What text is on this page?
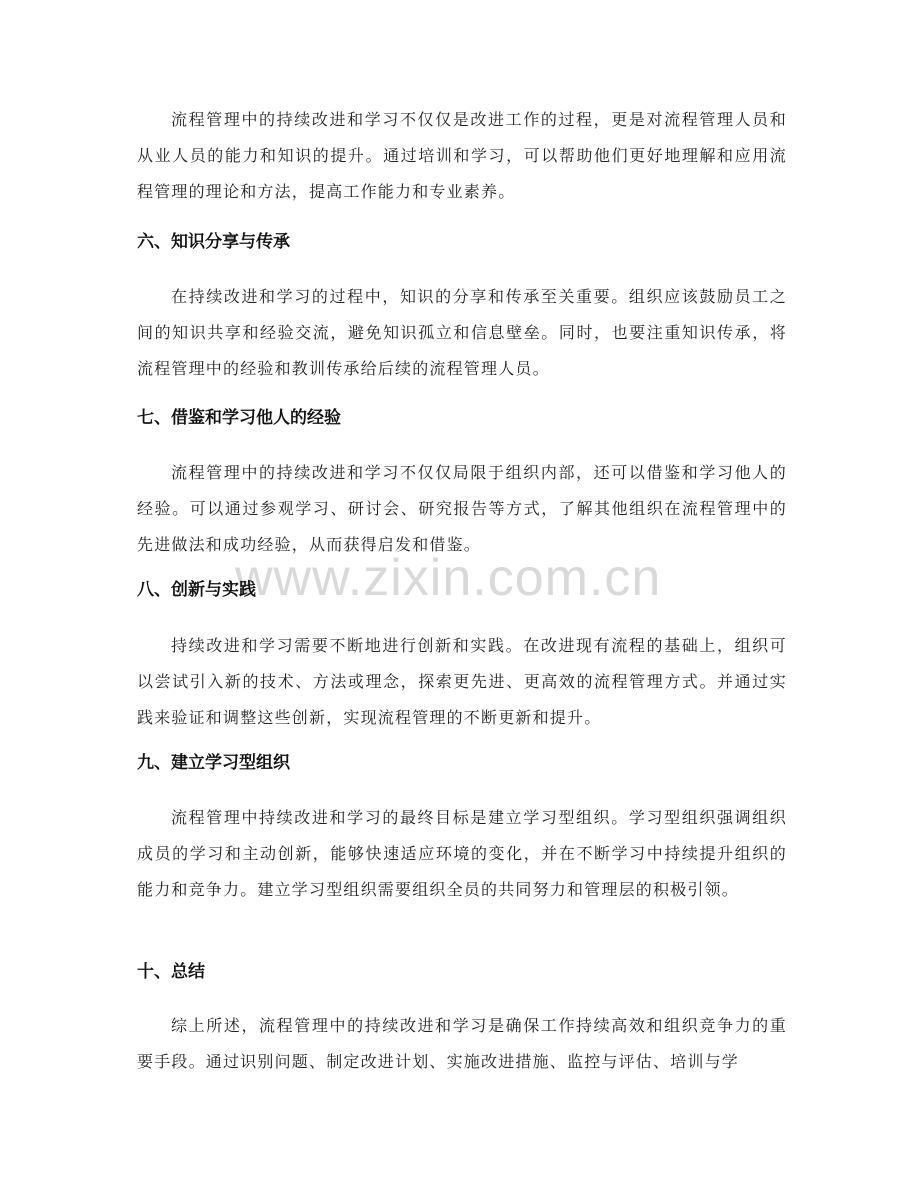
www.zixin.com.cn

流程管理中的持续改进和学习不仅仅是改进工作的过程，更是对流程管理人员和从业人员的能力和知识的提升。通过培训和学习，可以帮助他们更好地理解和应用流程管理的理论和方法，提高工作能力和专业素养。

六、知识分享与传承

在持续改进和学习的过程中，知识的分享和传承至关重要。组织应该鼓励员工之间的知识共享和经验交流，避免知识孤立和信息壁垒。同时，也要注重知识传承，将流程管理中的经验和教训传承给后续的流程管理人员。

七、借鉴和学习他人的经验

流程管理中的持续改进和学习不仅仅局限于组织内部，还可以借鉴和学习他人的经验。可以通过参观学习、研讨会、研究报告等方式，了解其他组织在流程管理中的先进做法和成功经验，从而获得启发和借鉴。

八、创新与实践

持续改进和学习需要不断地进行创新和实践。在改进现有流程的基础上，组织可以尝试引入新的技术、方法或理念，探索更先进、更高效的流程管理方式。并通过实践来验证和调整这些创新，实现流程管理的不断更新和提升。

九、建立学习型组织

流程管理中持续改进和学习的最终目标是建立学习型组织。学习型组织强调组织成员的学习和主动创新，能够快速适应环境的变化，并在不断学习中持续提升组织的能力和竞争力。建立学习型组织需要组织全员的共同努力和管理层的积极引领。

十、总结

综上所述，流程管理中的持续改进和学习是确保工作持续高效和组织竞争力的重要手段。通过识别问题、制定改进计划、实施改进措施、监控与评估、培训与学
